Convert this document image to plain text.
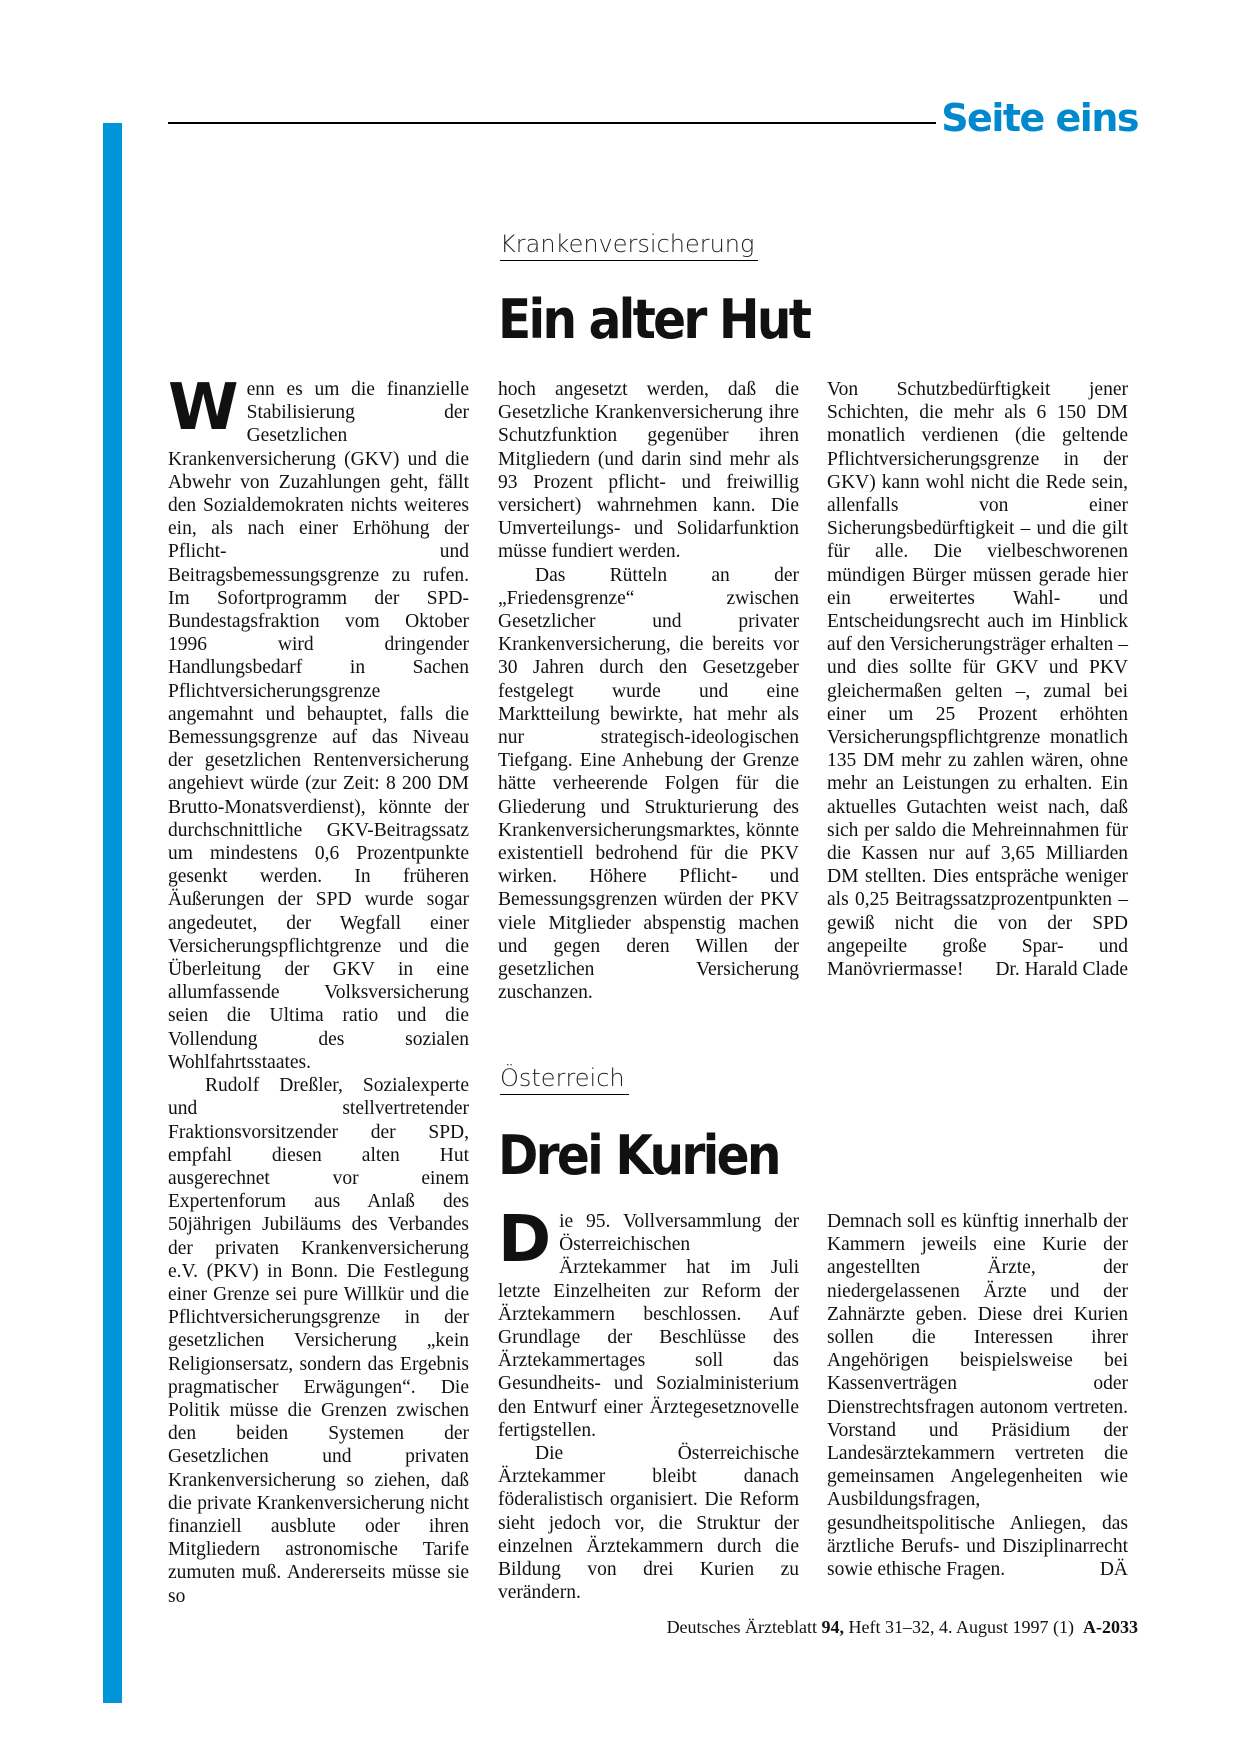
Seite eins
Krankenversicherung
Ein alter Hut

Wenn es um die finanzielle Stabilisierung der Gesetzlichen Krankenversicherung (GKV) und die Abwehr von Zuzahlungen geht, fällt den Sozialdemokraten nichts weiteres ein, als nach einer Erhöhung der Pflicht- und Beitragsbemessungsgrenze zu rufen. Im Sofortprogramm der SPD-Bundestagsfraktion vom Oktober 1996 wird dringender Handlungsbedarf in Sachen Pflichtversicherungsgrenze angemahnt und behauptet, falls die Bemessungsgrenze auf das Niveau der gesetzlichen Rentenversicherung angehievt würde (zur Zeit: 8 200 DM Brutto-Monatsverdienst), könnte der durchschnittliche GKV-Beitragssatz um mindestens 0,6 Prozentpunkte gesenkt werden. In früheren Äußerungen der SPD wurde sogar angedeutet, der Wegfall einer Versicherungspflichtgrenze und die Überleitung der GKV in eine allumfassende Volksversicherung seien die Ultima ratio und die Vollendung des sozialen Wohlfahrtsstaates.

Rudolf Dreßler, Sozialexperte und stellvertretender Fraktionsvorsitzender der SPD, empfahl diesen alten Hut ausgerechnet vor einem Expertenforum aus Anlaß des 50jährigen Jubiläums des Verbandes der privaten Krankenversicherung e.V. (PKV) in Bonn. Die Festlegung einer Grenze sei pure Willkür und die Pflichtversicherungsgrenze in der gesetzlichen Versicherung „kein Religionsersatz, sondern das Ergebnis pragmatischer Erwägungen“. Die Politik müsse die Grenzen zwischen den beiden Systemen der Gesetzlichen und privaten Krankenversicherung so ziehen, daß die private Krankenversicherung nicht finanziell ausblute oder ihren Mitgliedern astronomische Tarife zumuten muß. Andererseits müsse sie so

hoch angesetzt werden, daß die Gesetzliche Krankenversicherung ihre Schutzfunktion gegenüber ihren Mitgliedern (und darin sind mehr als 93 Prozent pflicht- und freiwillig versichert) wahrnehmen kann. Die Umverteilungs- und Solidarfunktion müsse fundiert werden.

Das Rütteln an der „Friedensgrenze“ zwischen Gesetzlicher und privater Krankenversicherung, die bereits vor 30 Jahren durch den Gesetzgeber festgelegt wurde und eine Marktteilung bewirkte, hat mehr als nur strategisch-ideologischen Tiefgang. Eine Anhebung der Grenze hätte verheerende Folgen für die Gliederung und Strukturierung des Krankenversicherungsmarktes, könnte existentiell bedrohend für die PKV wirken. Höhere Pflicht- und Bemessungsgrenzen würden der PKV viele Mitglieder abspenstig machen und gegen deren Willen der gesetzlichen Versicherung zuschanzen.

Von Schutzbedürftigkeit jener Schichten, die mehr als 6 150 DM monatlich verdienen (die geltende Pflichtversicherungsgrenze in der GKV) kann wohl nicht die Rede sein, allenfalls von einer Sicherungsbedürftigkeit – und die gilt für alle. Die vielbeschworenen mündigen Bürger müssen gerade hier ein erweitertes Wahl- und Entscheidungsrecht auch im Hinblick auf den Versicherungsträger erhalten – und dies sollte für GKV und PKV gleichermaßen gelten –, zumal bei einer um 25 Prozent erhöhten Versicherungspflichtgrenze monatlich 135 DM mehr zu zahlen wären, ohne mehr an Leistungen zu erhalten. Ein aktuelles Gutachten weist nach, daß sich per saldo die Mehreinnahmen für die Kassen nur auf 3,65 Milliarden DM stellten. Dies entspräche weniger als 0,25 Beitragssatzprozentpunkten – gewiß nicht die von der SPD angepeilte große Spar- und Manövriermasse! Dr. Harald Clade

Österreich
Drei Kurien

Die 95. Vollversammlung der Österreichischen Ärztekammer hat im Juli letzte Einzelheiten zur Reform der Ärztekammern beschlossen. Auf Grundlage der Beschlüsse des Ärztekammertages soll das Gesundheits- und Sozialministerium den Entwurf einer Ärztegesetznovelle fertigstellen.

Die Österreichische Ärztekammer bleibt danach föderalistisch organisiert. Die Reform sieht jedoch vor, die Struktur der einzelnen Ärztekammern durch die Bildung von drei Kurien zu verändern.

Demnach soll es künftig innerhalb der Kammern jeweils eine Kurie der angestellten Ärzte, der niedergelassenen Ärzte und der Zahnärzte geben. Diese drei Kurien sollen die Interessen ihrer Angehörigen beispielsweise bei Kassenverträgen oder Dienstrechtsfragen autonom vertreten. Vorstand und Präsidium der Landesärztekammern vertreten die gemeinsamen Angelegenheiten wie Ausbildungsfragen, gesundheitspolitische Anliegen, das ärztliche Berufs- und Disziplinarrecht sowie ethische Fragen.	DÄ

Deutsches Ärzteblatt 94, Heft 31–32, 4. August 1997 (1) A-2033
